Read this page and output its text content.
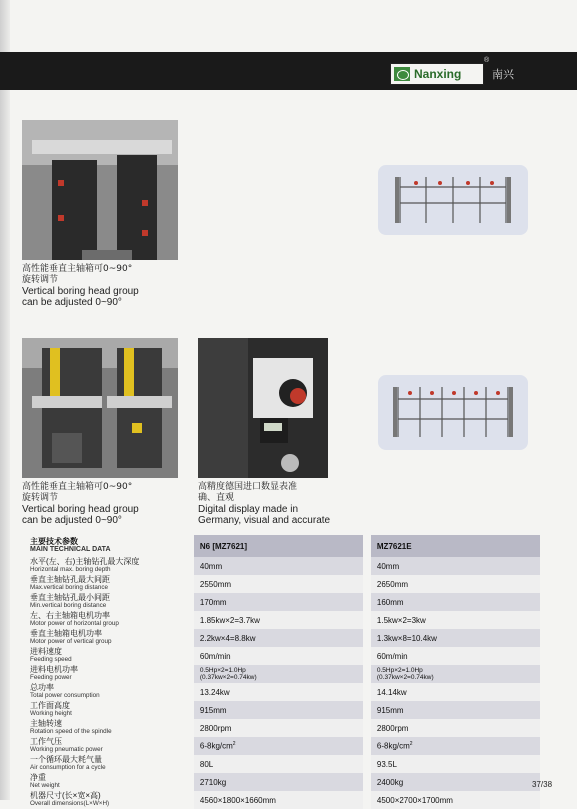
Nanxing
®
南兴
高性能垂直主轴箱可0~90°
旋转调节
Vertical boring head group
can be adjusted 0~90°
高性能垂直主轴箱可0~90°
旋转调节
Vertical boring head group
can be adjusted 0~90°
高精度德国进口数显表准
确、直观
Digital display made in
Germany, visual and accurate
主要技术参数
MAIN TECHNICAL DATA	N6 [MZ7621]		MZ7621E

水平(左、右)主轴钻孔最大深度
Horizontal max. boring depth	40mm		40mm

垂直主轴钻孔最大间距
Max.vertical boring distance	2550mm		2650mm

垂直主轴钻孔最小间距
Min.vertical boring distance	170mm		160mm

左、右主轴箱电机功率
Motor power of horizontal group	1.85kw×2=3.7kw		1.5kw×2=3kw

垂直主轴箱电机功率
Motor power of vertical group	2.2kw×4=8.8kw		1.3kw×8=10.4kw

进料速度
Feeding speed	60m/min		60m/min

进料电机功率
Feeding power	0.5Hp×2=1.0Hp
(0.37kw×2=0.74kw)		0.5Hp×2=1.0Hp
(0.37kw×2=0.74kw)

总功率
Total power consumption	13.24kw		14.14kw

工作面高度
Working height	915mm		915mm

主轴转速
Rotation speed of the spindle	2800rpm		2800rpm

工作气压
Working pneumatic power	$6-8kg/cm^2$		$6-8kg/cm^2$

一个循环最大耗气量
Air consumption for a cycle	80L		93.5L

净重
Net weight	2710kg		2400kg

机器尺寸(长×宽×高)
Overall dimensions(L×W×H)	4560×1800×1660mm		4500×2700×1700mm
37/38
